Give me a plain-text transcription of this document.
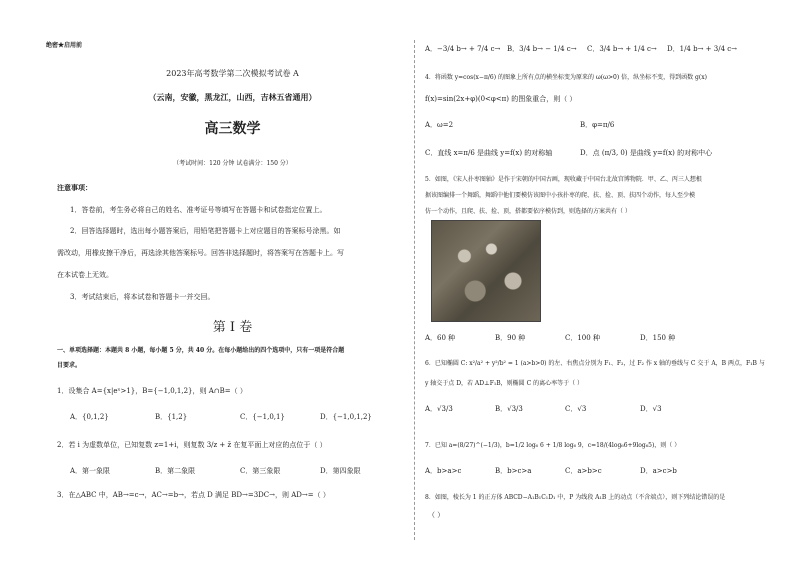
绝密★启用前
2023年高考数学第二次模拟考试卷 A
（云南，安徽，黑龙江，山西，吉林五省通用）
高三数学
（考试时间：120 分钟 试卷满分：150 分）
注意事项：
1．答卷前，考生务必将自己的姓名、准考证号等填写在答题卡和试卷指定位置上。
2．回答选择题时，选出每小题答案后，用铅笔把答题卡上对应题目的答案标号涂黑。如
需改动，用橡皮擦干净后，再选涂其他答案标号。回答非选择题时，将答案写在答题卡上。写
在本试卷上无效。
3．考试结束后，将本试卷和答题卡一并交回。
第 I 卷
一、单项选择题：本题共 8 小题，每小题 5 分，共 40 分。在每小题给出的四个选项中，只有一项是符合题
目要求。
1．设集合 A={x|eˣ>1}，B={−1,0,1,2}，则 A∩B=（ ）
A．{0,1,2}	B．{1,2}	C．{−1,0,1}	D．{−1,0,1,2}
2．若 i 为虚数单位，已知复数 z=1+i，则复数 3/z + z̄ 在复平面上对应的点位于（ ）
A．第一象限	B．第二象限	C．第三象限	D．第四象限
3．在△ABC 中，AB→=c→，AC→=b→，若点 D 满足 BD→=3DC→，则 AD→=（ ）
A．−3/4 b→ + 7/4 c→ B．3/4 b→ − 1/4 c→ C．3/4 b→ + 1/4 c→ D．1/4 b→ + 3/4 c→
4．将函数 y=cos(x−π/6) 的图象上所有点的横坐标变为原来的 ω(ω>0) 倍，纵坐标不变，得到函数 g(x)
f(x)=sin(2x+φ)(0<φ<π) 的图象重合，则（ ）
A．ω=2	B．φ=π/6
C．直线 x=π/6 是曲线 y=f(x) 的对称轴	D．点 (π/3, 0) 是曲线 y=f(x) 的对称中心
5．如图，《宋人扑枣图轴》是作于宋朝的中国古画，现收藏于中国台北故宫博物院．甲、乙、丙三人想根
据该图编排一个舞蹈，舞蹈中他们要模仿该图中小孩扑枣的爬、扶、捡、顶、扶四个动作，每人至少模
仿一个动作，且爬、扶、捡、顶，搭都要依序模仿到，则选择的方案共有（ ）
A．60 种	B．90 种	C．100 种	D．150 种
6．已知椭圆 C: x²/a² + y²/b² = 1 (a>b>0) 的左、右焦点分别为 F₁、F₂，过 F₂ 作 x 轴的垂线与 C 交于 A，B 两点，F₁B 与
y 轴交于点 D，若 AD⊥F₁B，则椭圆 C 的离心率等于（ ）
A．√3/3	B．√3/3	C．√3	D．√3
7．已知 a=(8/27)^(−1/3)，b=1/2 log₆ 6 + 1/8 log₆ 9，c=18/(4log₆6+9log₆5)，则（ ）
A．b>a>c	B．b>c>a	C．a>b>c	D．a>c>b
8．如图，棱长为 1 的正方体 ABCD−A₁B₁C₁D₁ 中，P 为线段 A₁B 上的动点（不含端点），则下列结论错误的是
（ ）
